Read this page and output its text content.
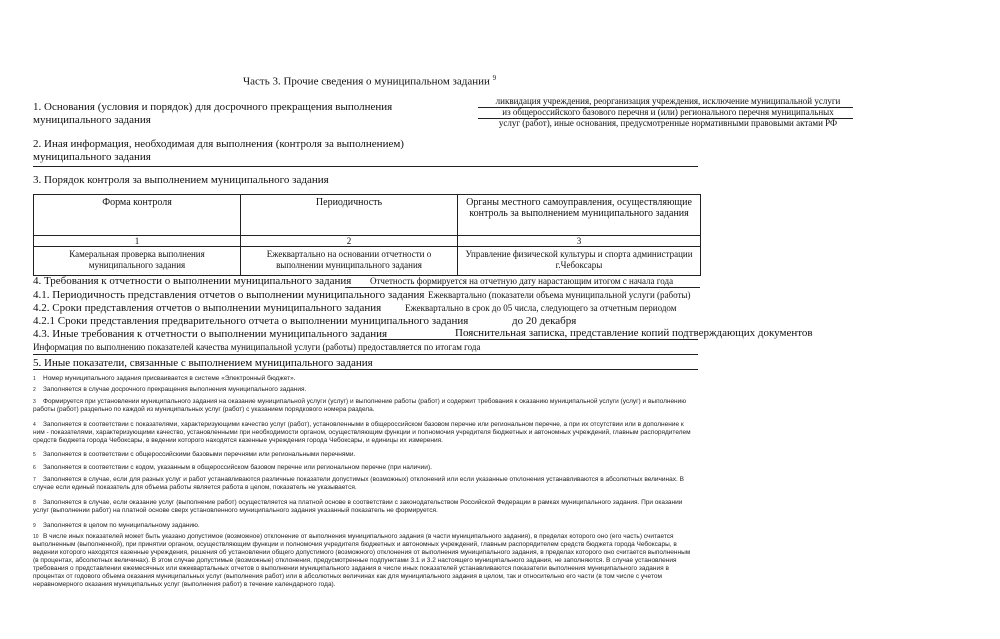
Часть 3. Прочие сведения о муниципальном задании $^9$
1. Основания (условия и порядок) для досрочного прекращения выполнения
муниципального задания
ликвидация учреждения, реорганизация учреждения, исключение муниципальной услуги
из общероссийского базового перечня и (или) регионального перечня муниципальных
услуг (работ), иные основания, предусмотренные нормативными правовыми актами РФ
2. Иная информация, необходимая для выполнения (контроля за выполнением)
муниципального задания
3. Порядок контроля за выполнением муниципального задания
Форма контроля	Периодичность	Органы местного самоуправления, осуществляющие контроль за выполнением муниципального задания
1	2	3
Камеральная проверка выполнения муниципального задания	Ежеквартально на основании отчетности о выполнении муниципального задания	Управление физической культуры и спорта администрации г.Чебоксары
4. Требования к отчетности о выполнении муниципального задания Отчетность формируется на отчетную дату нарастающим итогом с начала года
4.1. Периодичность представления отчетов о выполнении муниципального задания Ежеквартально (показатели объема муниципальной услуги (работы)
4.2. Сроки представления отчетов о выполнении муниципального задания	Ежеквартально в срок до 05 числа, следующего за отчетным периодом
4.2.1 Сроки представления предварительного отчета о выполнении муниципального задания	до 20 декабря
4.3. Иные требования к отчетности о выполнении муниципального задания	Пояснительная записка, представление копий подтверждающих документов
Информация по выполнению показателей качества муниципальной услуги (работы) предоставляется по итогам года
5. Иные показатели, связанные с выполнением муниципального задания
1 Номер муниципального задания присваивается в системе «Электронный бюджет».
2 Заполняется в случае досрочного прекращения выполнения муниципального задания.
3 Формируется при установлении муниципального задания на оказание муниципальной услуги (услуг) и выполнение работы (работ) и содержит требования к оказанию муниципальной услуги (услуг) и выполнению работы (работ) раздельно по каждой из муниципальных услуг (работ) с указанием порядкового номера раздела.
4 Заполняется в соответствии с показателями, характеризующими качество услуг (работ), установленными в общероссийском базовом перечне или региональном перечне, а при их отсутствии или в дополнение к ним - показателями, характеризующими качество, установленными при необходимости органом, осуществляющим функции и полномочия учредителя бюджетных и автономных учреждений, главным распорядителем средств бюджета города Чебоксары, в ведении которого находятся казенные учреждения города Чебоксары, и единицы их измерения.
5 Заполняется в соответствии с общероссийскими базовыми перечнями или региональными перечнями.
6 Заполняется в соответствии с кодом, указанным в общероссийском базовом перечне или региональном перечне (при наличии).
7 Заполняется в случае, если для разных услуг и работ устанавливаются различные показатели допустимых (возможных) отклонений или если указанные отклонения устанавливаются в абсолютных величинах. В случае если единый показатель для объема работы является работа в целом, показатель не указывается.
8 Заполняется в случае, если оказание услуг (выполнение работ) осуществляется на платной основе в соответствии с законодательством Российской Федерации в рамках муниципального задания. При оказании услуг (выполнении работ) на платной основе сверх установленного муниципального задания указанный показатель не формируется.
9 Заполняется в целом по муниципальному заданию.
10 В числе иных показателей может быть указано допустимое (возможное) отклонение от выполнения муниципального задания (в части муниципального задания), в пределах которого оно (его часть) считается выполненным (выполненной), при принятии органом, осуществляющим функции и полномочия учредителя бюджетных и автономных учреждений, главным распорядителем средств бюджета города Чебоксары, в ведении которого находятся казенные учреждения, решения об установлении общего допустимого (возможного) отклонения от выполнения муниципального задания, в пределах которого оно считается выполненным (в процентах, абсолютных величинах). В этом случае допустимые (возможные) отклонения, предусмотренные подпунктами 3.1 и 3.2 настоящего муниципального задания, не заполняются. В случае установления требования о представлении ежемесячных или ежеквартальных отчетов о выполнении муниципального задания в числе иных показателей устанавливаются показатели выполнения муниципального задания в процентах от годового объема оказания муниципальных услуг (выполнения работ) или в абсолютных величинах как для муниципального задания в целом, так и относительно его части (в том числе с учетом неравномерного оказания муниципальных услуг (выполнения работ) в течение календарного года).
